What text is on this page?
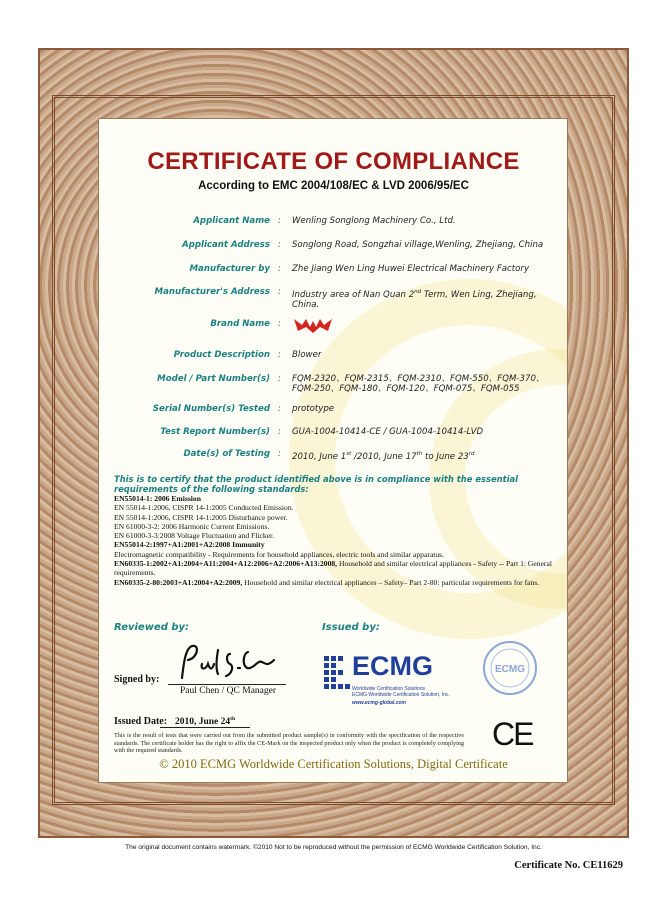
CERTIFICATE OF COMPLIANCE
According to EMC 2004/108/EC & LVD 2006/95/EC
Applicant Name : Wenling Songlong Machinery Co., Ltd.
Applicant Address : Songlong Road, Songzhai village,Wenling, Zhejiang, China
Manufacturer by : Zhe Jiang Wen Ling Huwei Electrical Machinery Factory
Manufacturer's Address : Industry area of Nan Quan 2nd Term, Wen Ling, Zhejiang, China.
Brand Name :
Product Description : Blower
Model / Part Number(s) : FQM-2320、FQM-2315、FQM-2310、FQM-550、FQM-370、FQM-250、FQM-180、FQM-120、FQM-075、FQM-055
Serial Number(s) Tested : prototype
Test Report Number(s) : GUA-1004-10414-CE / GUA-1004-10414-LVD
Date(s) of Testing : 2010, June 1st /2010, June 17th to June 23rd
This is to certify that the product identified above is in compliance with the essential requirements of the following standards:
EN55014-1: 2006 Emission
EN 55014-1:2006, CISPR 14-1:2005 Conducted Emission.
EN 55014-1:2006, CISPR 14-1:2005 Disturbance power.
EN 61000-3-2: 2006 Harmonic Current Emissions.
EN 61000-3-3:2008 Voltage Fluctuation and Flicker.
EN55014-2:1997+A1:2001+A2:2008 Immunity
Electromagnetic compatibility - Requirements for household appliances, electric tools and similar apparatus.
EN60335-1:2002+A1:2004+A11:2004+A12:2006+A2:2006+A13:2008, Household and similar electrical appliances - Safety -- Part 1: General requirements.
EN60335-2-80:2003+A1:2004+A2:2009, Household and similar electrical appliances – Safety– Part 2-80: particular requirements for fans.
Reviewed by:	Issued by:
Signed by:
Paul Chen / QC Manager
ECMG
Worldwide Certification Solutions
ECMG Worldwide Certification Solution, Inc.
www.ecmg-global.com
ECMG
Issued Date: 2010, June 24th
This is the result of tests that were carried out from the submitted product sample(s) in conformity with the specification of the respective standards. The certificate holder has the right to affix the CE-Mark on the inspected product only when the product is completely complying with the required standards.	CE
© 2010 ECMG Worldwide Certification Solutions, Digital Certificate
The original document contains watermark. ©2010 Not to be reproduced without the permission of ECMG Worldwide Certification Solution, Inc.
Certificate No. CE11629
